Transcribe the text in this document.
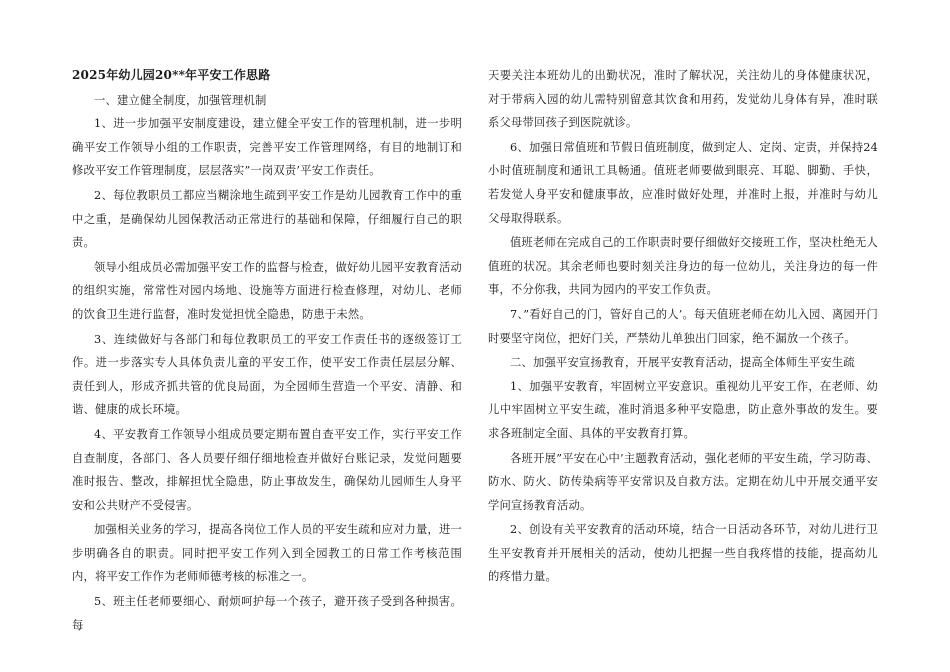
2025年幼儿园20**年平安工作思路

一、建立健全制度，加强管理机制

1、进一步加强平安制度建设，建立健全平安工作的管理机制，进一步明确平安工作领导小组的工作职责，完善平安工作管理网络，有目的地制订和修改平安工作管理制度，层层落实”一岗双责’平安工作责任。

2、每位教职员工都应当糊涂地生疏到平安工作是幼儿园教育工作中的重中之重，是确保幼儿园保教活动正常进行的基础和保障，仔细履行自己的职责。

领导小组成员必需加强平安工作的监督与检查，做好幼儿园平安教育活动的组织实施，常常性对园内场地、设施等方面进行检查修理，对幼儿、老师的饮食卫生进行监督，准时发觉担忧全隐患，防患于未然。

3、连续做好与各部门和每位教职员工的平安工作责任书的逐级签订工作。进一步落实专人具体负责儿童的平安工作，使平安工作责任层层分解、责任到人，形成齐抓共管的优良局面，为全园师生营造一个平安、清静、和谐、健康的成长环境。

4、平安教育工作领导小组成员要定期布置自查平安工作，实行平安工作自查制度，各部门、各人员要仔细仔细地检查并做好台账记录，发觉问题要准时报告、整改，排解担忧全隐患，防止事故发生，确保幼儿园师生人身平安和公共财产不受侵害。

加强相关业务的学习，提高各岗位工作人员的平安生疏和应对力量，进一步明确各自的职责。同时把平安工作列入到全园教工的日常工作考核范围内，将平安工作作为老师师德考核的标准之一。

5、班主任老师要细心、耐烦呵护每一个孩子，避开孩子受到各种损害。每

天要关注本班幼儿的出勤状况，准时了解状况，关注幼儿的身体健康状况，对于带病入园的幼儿需特别留意其饮食和用药，发觉幼儿身体有异，准时联系父母带回孩子到医院就诊。

6、加强日常值班和节假日值班制度，做到定人、定岗、定责，并保持24小时值班制度和通讯工具畅通。值班老师要做到眼亮、耳聪、脚勤、手快，若发觉人身平安和健康事故，应准时做好处理，并准时上报，并准时与幼儿父母取得联系。

值班老师在完成自己的工作职责时要仔细做好交接班工作，坚决杜绝无人值班的状况。其余老师也要时刻关注身边的每一位幼儿，关注身边的每一件事，不分你我，共同为园内的平安工作负责。

7、”看好自己的门，管好自己的人’。每天值班老师在幼儿入园、离园开门时要坚守岗位，把好门关，严禁幼儿单独出门回家，绝不漏放一个孩子。

二、加强平安宣扬教育，开展平安教育活动，提高全体师生平安生疏

1、加强平安教育，牢固树立平安意识。重视幼儿平安工作，在老师、幼儿中牢固树立平安生疏，准时消退多种平安隐患，防止意外事故的发生。要求各班制定全面、具体的平安教育打算。

各班开展”平安在心中’主题教育活动，强化老师的平安生疏，学习防毒、防水、防火、防传染病等平安常识及自救方法。定期在幼儿中开展交通平安学问宣扬教育活动。

2、创设有关平安教育的活动环境，结合一日活动各环节，对幼儿进行卫生平安教育并开展相关的活动，使幼儿把握一些自我疼惜的技能，提高幼儿的疼惜力量。
